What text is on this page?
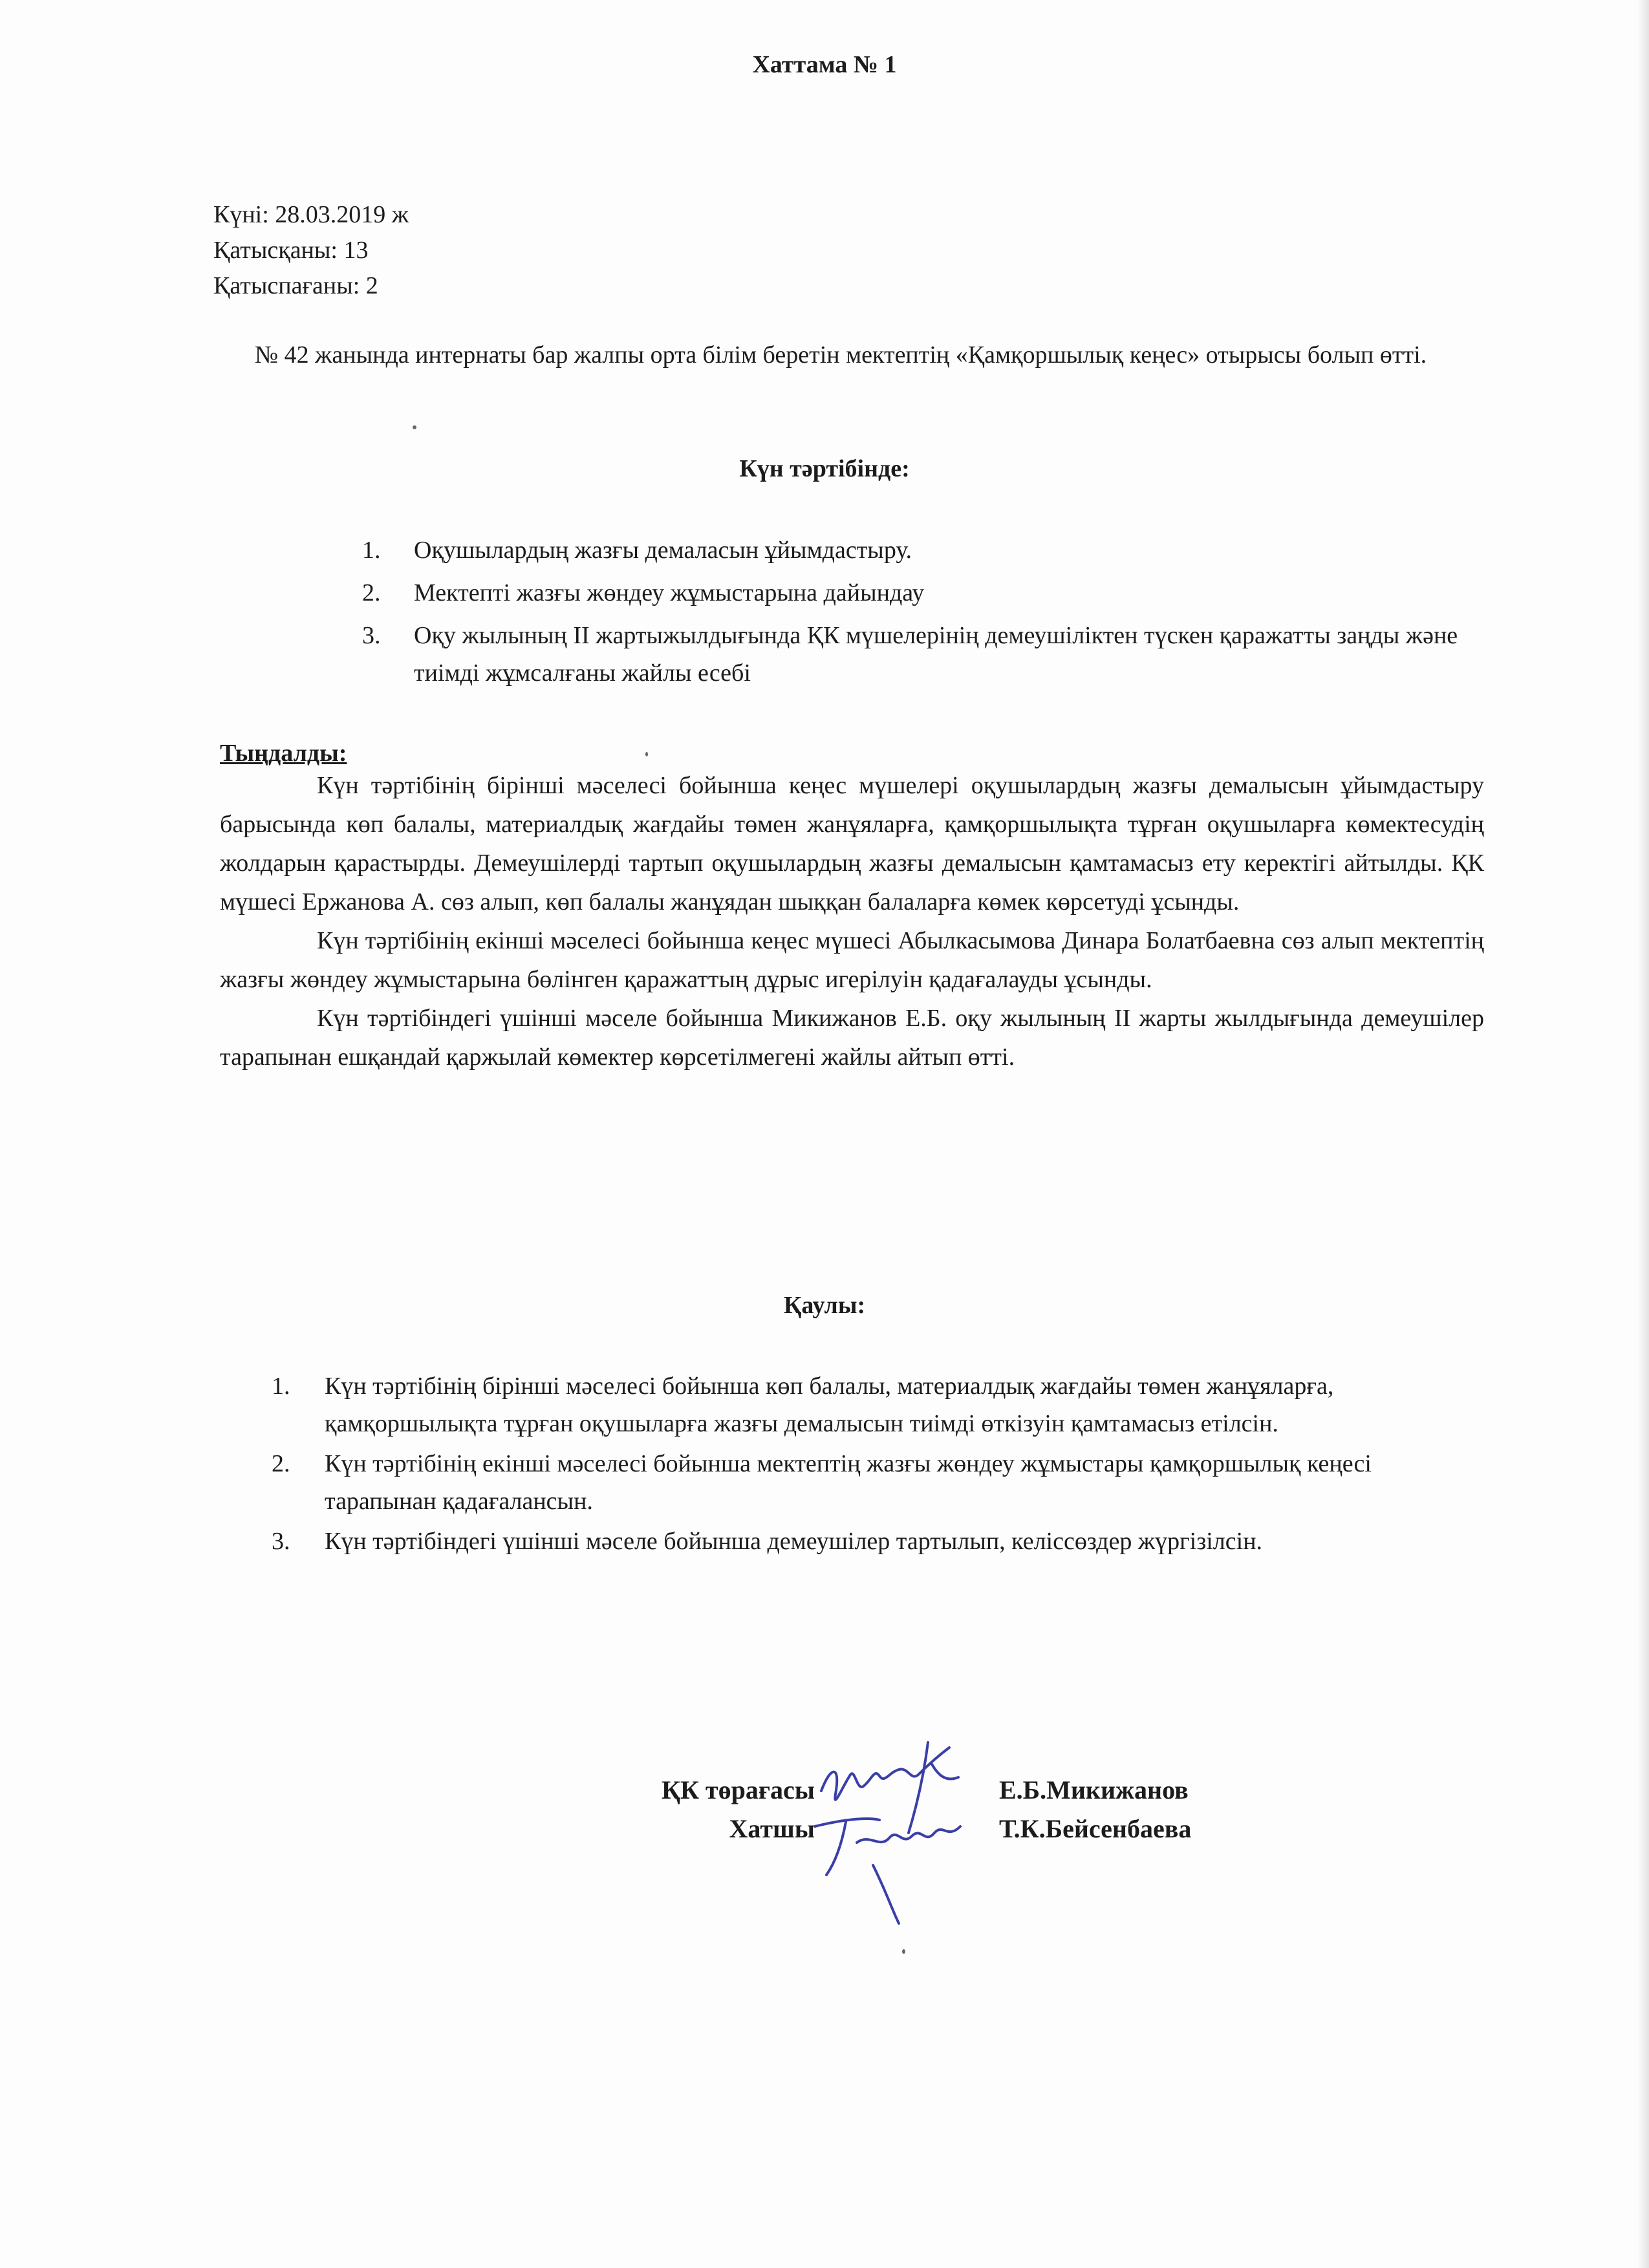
Хаттама № 1
Күні: 28.03.2019 ж
Қатысқаны: 13
Қатыспағаны: 2
№ 42 жанында интернаты бар жалпы орта білім беретін мектептің «Қамқоршылық кеңес» отырысы болып өтті.
Күн тәртібінде:
1. Оқушылардың жазғы демаласын ұйымдастыру.
2. Мектепті жазғы жөндеу жұмыстарына дайындау
3. Оқу жылының ІІ жартыжылдығында ҚК мүшелерінің демеушіліктен түскен қаражатты заңды және тиімді жұмсалғаны жайлы есебі
Тыңдалды:

Күн тәртібінің бірінші мәселесі бойынша кеңес мүшелері оқушылардың жазғы демалысын ұйымдастыру барысында көп балалы, материалдық жағдайы төмен жанұяларға, қамқоршылықта тұрған оқушыларға көмектесудің жолдарын қарастырды. Демеушілерді тартып оқушылардың жазғы демалысын қамтамасыз ету керектігі айтылды. ҚК мүшесі Ержанова А. сөз алып, көп балалы жанұядан шыққан балаларға көмек көрсетуді ұсынды.

Күн тәртібінің екінші мәселесі бойынша кеңес мүшесі Абылкасымова Динара Болатбаевна сөз алып мектептің жазғы жөндеу жұмыстарына бөлінген қаражаттың дұрыс игерілуін қадағалауды ұсынды.

Күн тәртібіндегі үшінші мәселе бойынша Микижанов Е.Б. оқу жылының ІІ жарты жылдығында демеушілер тарапынан ешқандай қаржылай көмектер көрсетілмегені жайлы айтып өтті.

Қаулы:
1. Күн тәртібінің бірінші мәселесі бойынша көп балалы, материалдық жағдайы төмен жанұяларға, қамқоршылықта тұрған оқушыларға жазғы демалысын тиімді өткізуін қамтамасыз етілсін.
2. Күн тәртібінің екінші мәселесі бойынша мектептің жазғы жөндеу жұмыстары қамқоршылық кеңесі тарапынан қадағалансын.
3. Күн тәртібіндегі үшінші мәселе бойынша демеушілер тартылып, келіссөздер жүргізілсін.
ҚК төрағасы	Е.Б.Микижанов
Хатшы	Т.К.Бейсенбаева
